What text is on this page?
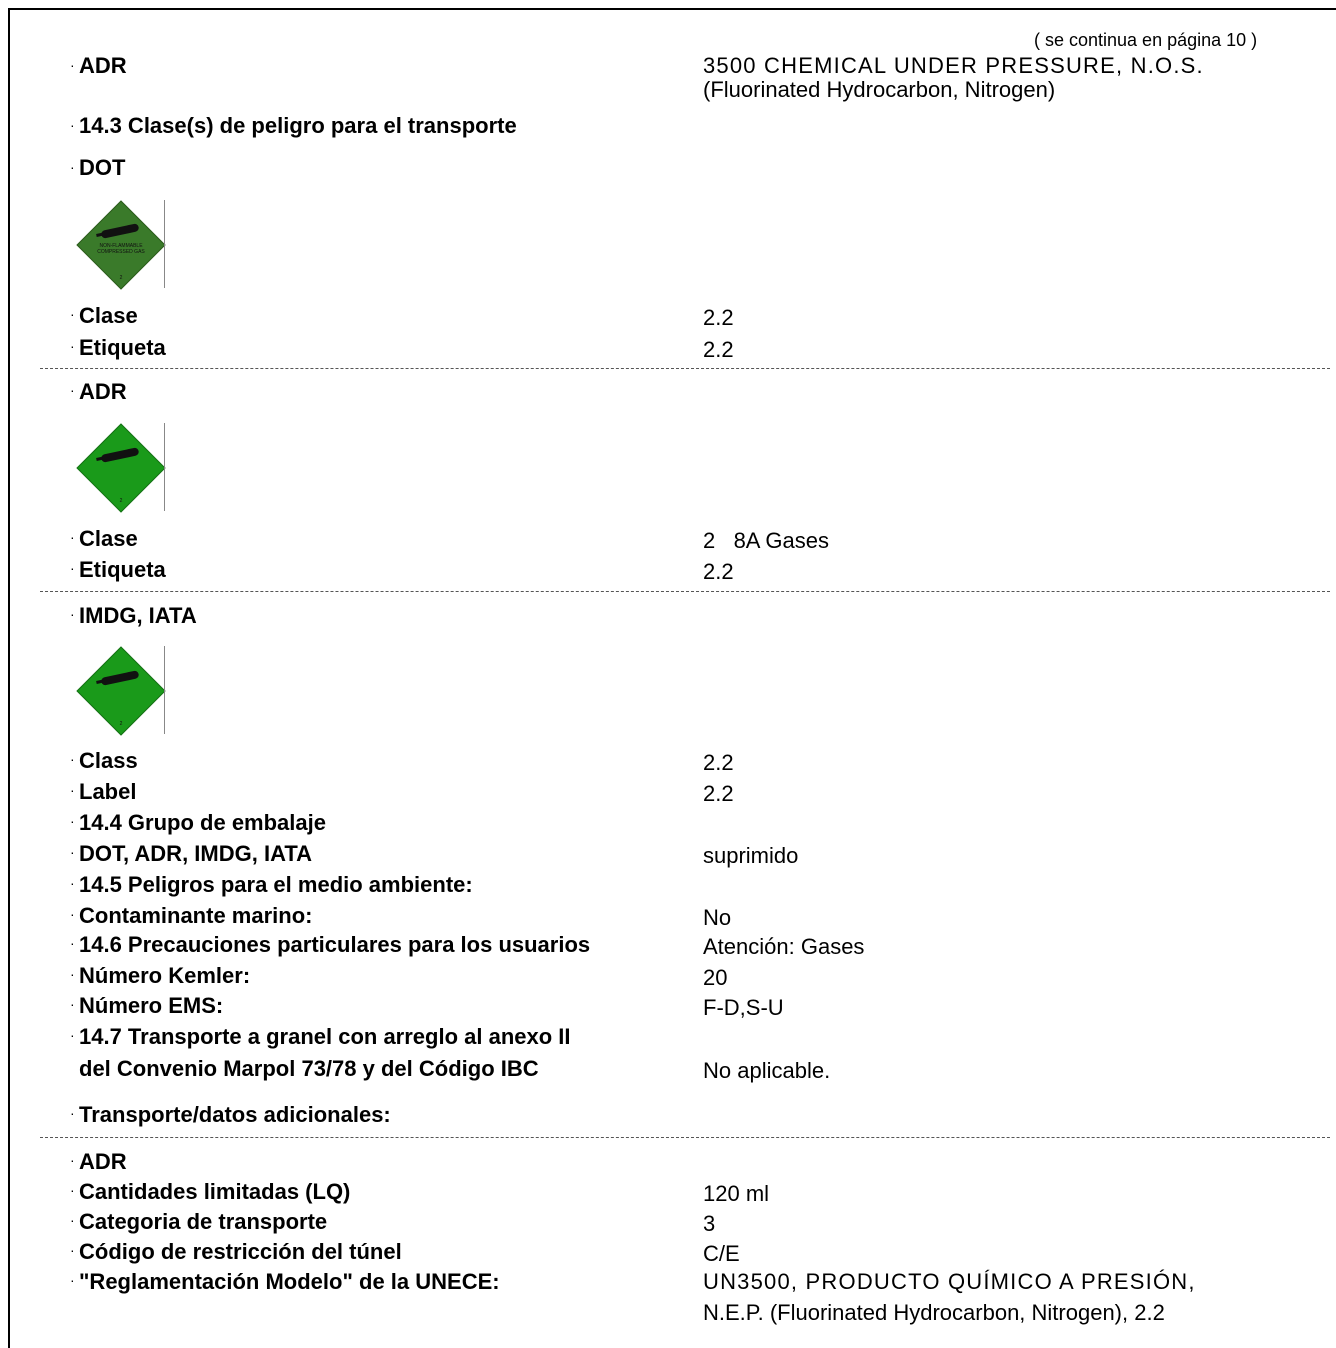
( se continua en página 10 )
· ADR	3500 CHEMICAL UNDER PRESSURE, N.O.S.
(Fluorinated Hydrocarbon, Nitrogen)
· 14.3 Clase(s) de peligro para el transporte
· DOT
NON-FLAMMABLE
COMPRESSED GAS
2
· Clase	2.2
· Etiqueta	2.2
· ADR
2
· Clase	2   8A Gases
· Etiqueta	2.2
· IMDG, IATA
2
· Class	2.2
· Label	2.2
· 14.4 Grupo de embalaje
· DOT, ADR, IMDG, IATA	suprimido
· 14.5 Peligros para el medio ambiente:
· Contaminante marino:	No
· 14.6 Precauciones particulares para los usuarios	Atención: Gases
· Número Kemler:	20
· Número EMS:	F-D,S-U
· 14.7 Transporte a granel con arreglo al anexo II
del Convenio Marpol 73/78 y del Código IBC	No aplicable.
· Transporte/datos adicionales:
· ADR
· Cantidades limitadas (LQ)	120 ml
· Categoria de transporte	3
· Código de restricción del túnel	C/E
· "Reglamentación Modelo" de la UNECE:	UN3500, PRODUCTO QUÍMICO A PRESIÓN,
N.E.P. (Fluorinated Hydrocarbon, Nitrogen), 2.2
